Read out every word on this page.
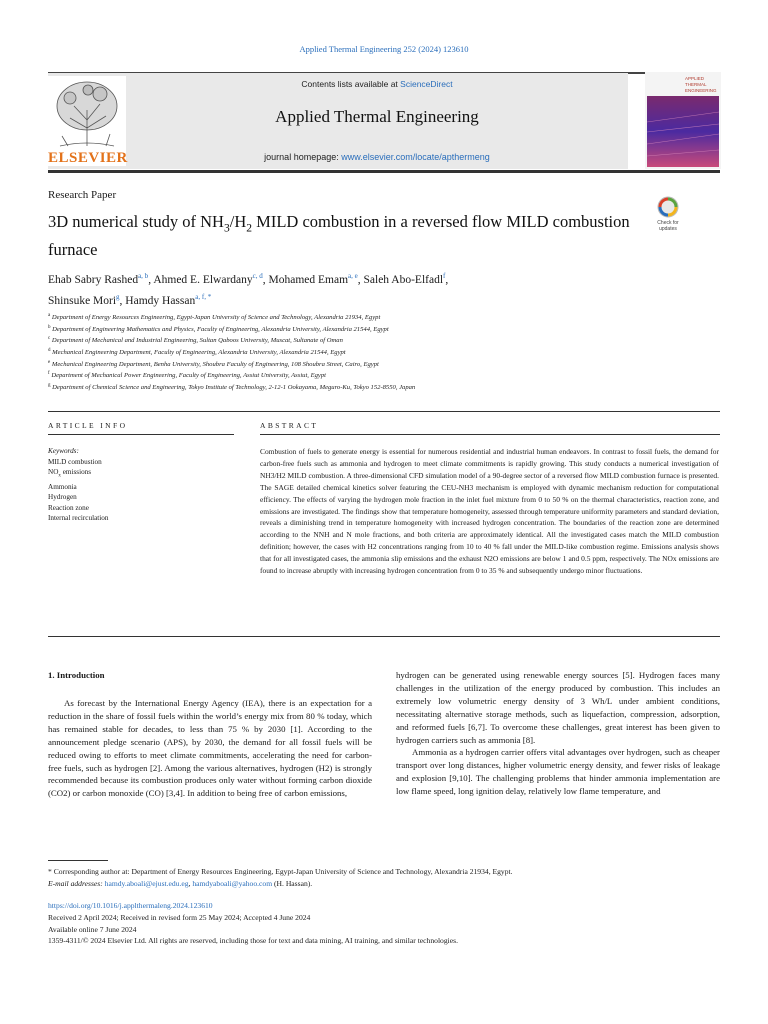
Applied Thermal Engineering 252 (2024) 123610
ELSEVIER
Contents lists available at ScienceDirect
Applied Thermal Engineering
journal homepage: www.elsevier.com/locate/apthermeng
APPLIED
THERMAL
ENGINEERING
Research Paper
3D numerical study of $NH_3/H_2$ MILD combustion in a reversed flow MILD combustion furnace
Check for
updates
Ehab Sabry Rashed$^{a, b}$, Ahmed E. Elwardany$^{c, d}$, Mohamed Emam$^{a, e}$, Saleh Abo-Elfadl$^f$,
Shinsuke Mori$^g$, Hamdy Hassan$^{a, f, *}$
$^a$ Department of Energy Resources Engineering, Egypt-Japan University of Science and Technology, Alexandria 21934, Egypt
$^b$ Department of Engineering Mathematics and Physics, Faculty of Engineering, Alexandria University, Alexandria 21544, Egypt
$^c$ Department of Mechanical and Industrial Engineering, Sultan Qaboos University, Muscat, Sultanate of Oman
$^d$ Mechanical Engineering Department, Faculty of Engineering, Alexandria University, Alexandria 21544, Egypt
$^e$ Mechanical Engineering Department, Benha University, Shoubra Faculty of Engineering, 108 Shoubra Street, Cairo, Egypt
$^f$ Department of Mechanical Power Engineering, Faculty of Engineering, Assiut University, Assiut, Egypt
$^g$ Department of Chemical Science and Engineering, Tokyo Institute of Technology, 2-12-1 Ookayama, Meguro-Ku, Tokyo 152-8550, Japan
ARTICLE INFO
Keywords:
MILD combustion
$NO_x$ emissions
Ammonia
Hydrogen
Reaction zone
Internal recirculation
ABSTRACT
Combustion of fuels to generate energy is essential for numerous residential and industrial human endeavors. In contrast to fossil fuels, the demand for carbon-free fuels such as ammonia and hydrogen to meet climate commitments is rapidly growing. This study conducts a numerical investigation of NH3/H2 MILD combustion. A three-dimensional CFD simulation model of a 90-degree sector of a reversed flow MILD combustion furnace is presented. The SAGE detailed chemical kinetics solver featuring the CEU-NH3 mechanism is employed with dynamic mechanism reduction for computational efficiency. The effects of varying the hydrogen mole fraction in the inlet fuel mixture from 0 to 50 % on the thermal characteristics, reaction zone, and emissions are investigated. The findings show that temperature homogeneity, assessed through temperature uniformity parameters and standard deviation, reveals a diminishing trend in temperature homogeneity with increased hydrogen concentration. The boundaries of the reaction zone are determined according to the NNH and N mole fractions, and both criteria are approximately identical. All the investigated cases match the MILD combustion definition; however, the cases with H2 concentrations ranging from 10 to 40 % fall under the MILD-like combustion regime. Emissions analysis shows that for all investigated cases, the ammonia slip emissions and the exhaust N2O emissions are below 1 and 0.5 ppm, respectively. The NOx emissions are found to increase abruptly with increasing hydrogen concentration from 0 to 35 % and subsequently undergo minor fluctuations.
1. Introduction

As forecast by the International Energy Agency (IEA), there is an expectation for a reduction in the share of fossil fuels within the world’s energy mix from 80 % today, which has remained stable for decades, to less than 75 % by 2030 [1]. According to the announcement pledge scenario (APS), by 2030, the demand for all fossil fuels will be reduced owing to efforts to meet climate commitments, accelerating the need for carbon-free fuels, such as hydrogen [2]. Among the various alternatives, hydrogen (H2) is strongly recommended because its combustion produces only water without forming carbon dioxide (CO2) or carbon monoxide (CO) [3,4]. In addition to being free of carbon emissions,

hydrogen can be generated using renewable energy sources [5]. Hydrogen faces many challenges in the utilization of the energy produced by combustion. This includes an extremely low volumetric energy density of 3 Wh/L under ambient conditions, necessitating alternative storage methods, such as liquefaction, compression, adsorption, and reformed fuels [6,7]. To overcome these challenges, great interest has been given to hydrogen carriers such as ammonia [8].

Ammonia as a hydrogen carrier offers vital advantages over hydrogen, such as cheaper transport over long distances, higher volumetric energy density, and fewer risks of leakage and explosion [9,10]. The challenging problems that hinder ammonia implementation are low flame speed, long ignition delay, relatively low flame temperature, and

* Corresponding author at: Department of Energy Resources Engineering, Egypt-Japan University of Science and Technology, Alexandria 21934, Egypt.
E-mail addresses: hamdy.aboali@ejust.edu.eg, hamdyaboali@yahoo.com (H. Hassan).
https://doi.org/10.1016/j.applthermaleng.2024.123610
Received 2 April 2024; Received in revised form 25 May 2024; Accepted 4 June 2024
Available online 7 June 2024
1359-4311/© 2024 Elsevier Ltd. All rights are reserved, including those for text and data mining, AI training, and similar technologies.
